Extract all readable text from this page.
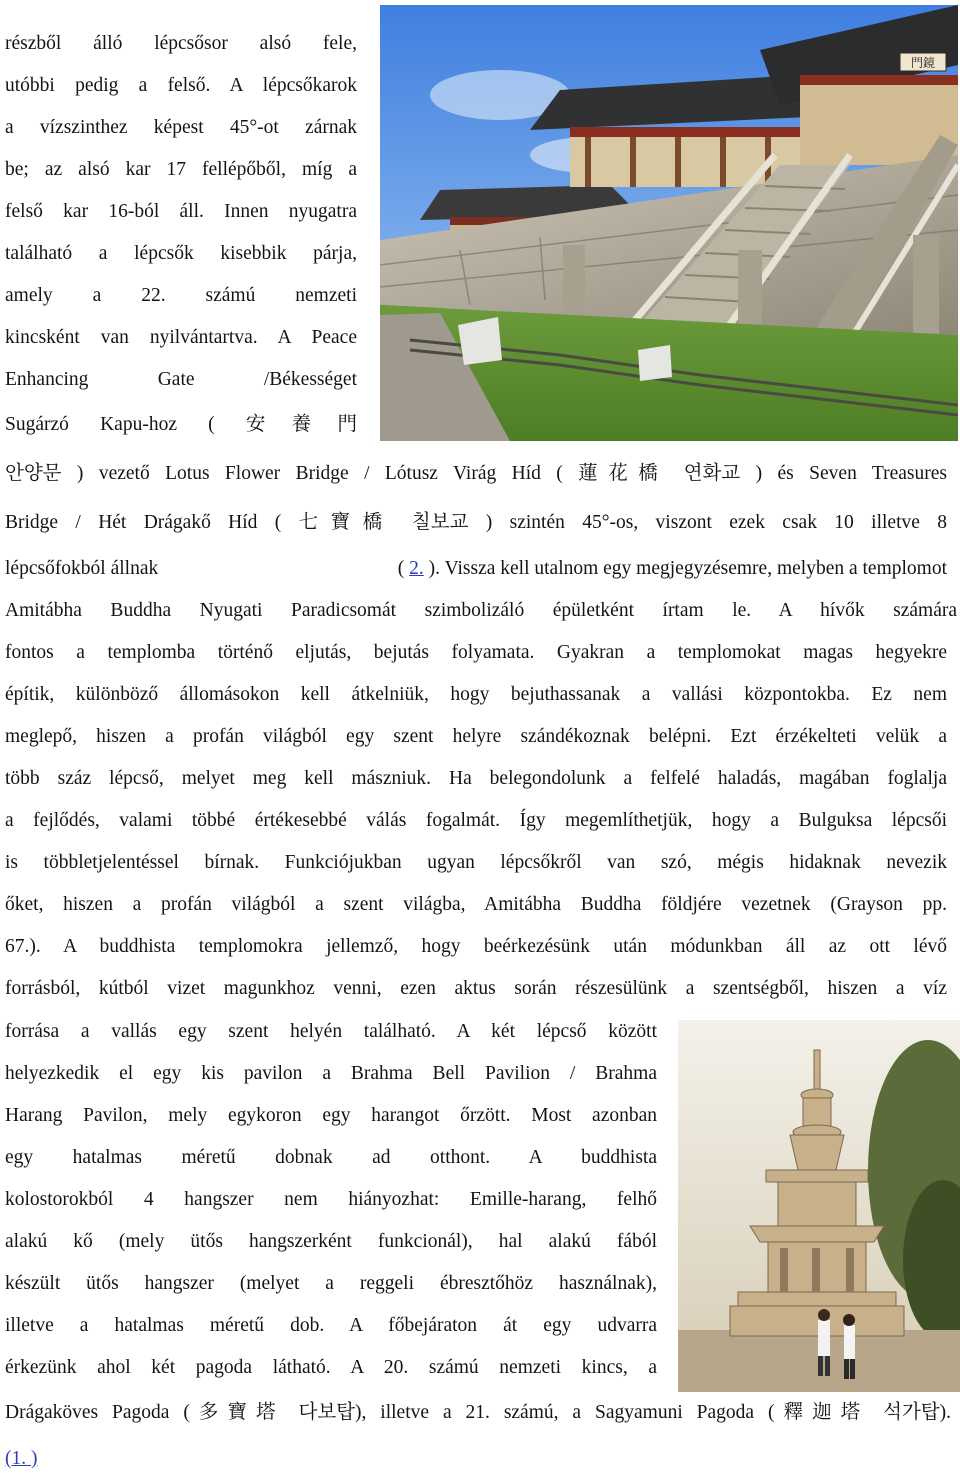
門鏡
részből álló lépcsősor alsó fele,
utóbbi pedig a felső. A lépcsőkarok
a vízszinthez képest 45°-ot zárnak
be; az alsó kar 17 fellépőből, míg a
felső kar 16-ból áll. Innen nyugatra
található a lépcsők kisebbik párja,
amely a 22. számú nemzeti
kincsként van nyilvántartva. A Peace
Enhancing Gate /Békességet
Sugárzó Kapu-hoz ( 安養門
안양문 ) vezető Lotus Flower Bridge / Lótusz Virág Híd ( 蓮花橋 연화교 ) és Seven Treasures
Bridge / Hét Drágakő Híd ( 七寶橋 칠보교 ) szintén 45°-os, viszont ezek csak 10 illetve 8
lépcsőfokból állnak	( 2. ). Vissza kell utalnom egy megjegyzésemre, melyben a templomot
Amitábha Buddha Nyugati Paradicsomát szimbolizáló épületként írtam le. A hívők számára
fontos a templomba történő eljutás, bejutás folyamata. Gyakran a templomokat magas hegyekre
építik, különböző állomásokon kell átkelniük, hogy bejuthassanak a vallási központokba. Ez nem
meglepő, hiszen a profán világból egy szent helyre szándékoznak belépni. Ezt érzékelteti velük a
több száz lépcső, melyet meg kell mászniuk. Ha belegondolunk a felfelé haladás, magában foglalja
a fejlődés, valami többé értékesebbé válás fogalmát. Így megemlíthetjük, hogy a Bulguksa lépcsői
is többletjelentéssel bírnak. Funkciójukban ugyan lépcsőkről van szó, mégis hidaknak nevezik
őket, hiszen a profán világból a szent világba, Amitábha Buddha földjére vezetnek (Grayson pp.
67.). A buddhista templomokra jellemző, hogy beérkezésünk után módunkban áll az ott lévő
forrásból, kútból vizet magunkhoz venni, ezen aktus során részesülünk a szentségből, hiszen a víz
forrása a vallás egy szent helyén található. A két lépcső között
helyezkedik el egy kis pavilon a Brahma Bell Pavilion / Brahma
Harang Pavilon, mely egykoron egy harangot őrzött. Most azonban
egy hatalmas méretű dobnak ad otthont. A buddhista
kolostorokból 4 hangszer nem hiányozhat: Emille-harang, felhő
alakú kő (mely ütős hangszerként funkcionál), hal alakú fából
készült ütős hangszer (melyet a reggeli ébresztőhöz használnak),
illetve a hatalmas méretű dob. A főbejáraton át egy udvarra
érkezünk ahol két pagoda látható. A 20. számú nemzeti kincs, a
Drágaköves Pagoda (多寶塔 다보탑), illetve a 21. számú, a Sagyamuni Pagoda (釋迦塔 석가탑).
(1. )
